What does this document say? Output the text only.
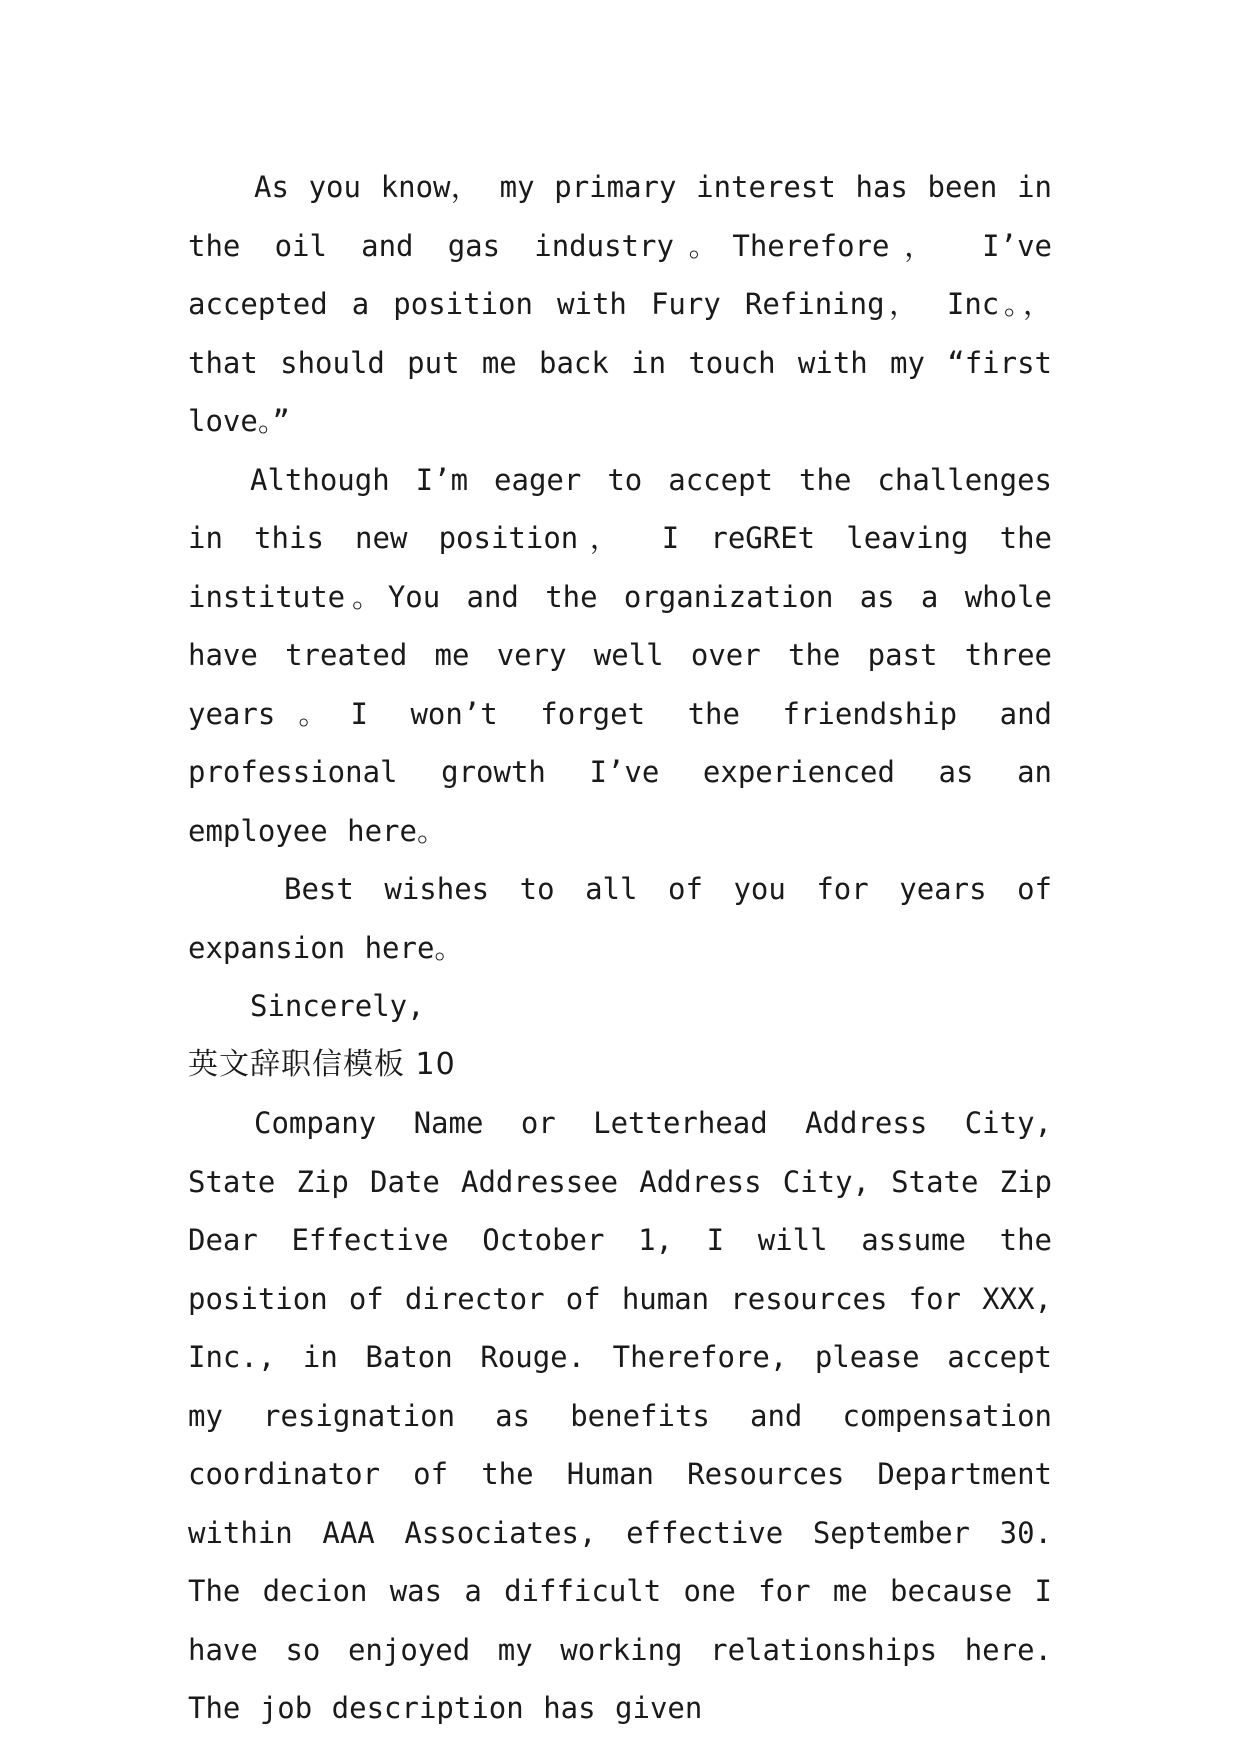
As you know， my primary interest has been in the oil and gas industry。Therefore， I’ve accepted a position with Fury Refining， Inc。， that should put me back in touch with my “first love。”

Although I’m eager to accept the challenges in this new position， I reGREt leaving the institute。You and the organization as a whole have treated me very well over the past three years。I won’t forget the friendship and professional growth I’ve experienced as an employee here。

Best wishes to all of you for years of expansion here。

Sincerely,

英文辞职信模板 10

Company Name or Letterhead Address City, State Zip Date Addressee Address City, State Zip Dear Effective October 1, I will assume the position of director of human resources for XXX, Inc., in Baton Rouge. Therefore, please accept my resignation as benefits and compensation coordinator of the Human Resources Department within AAA Associates, effective September 30. The decion was a difficult one for me because I have so enjoyed my working relationships here. The job description has given
